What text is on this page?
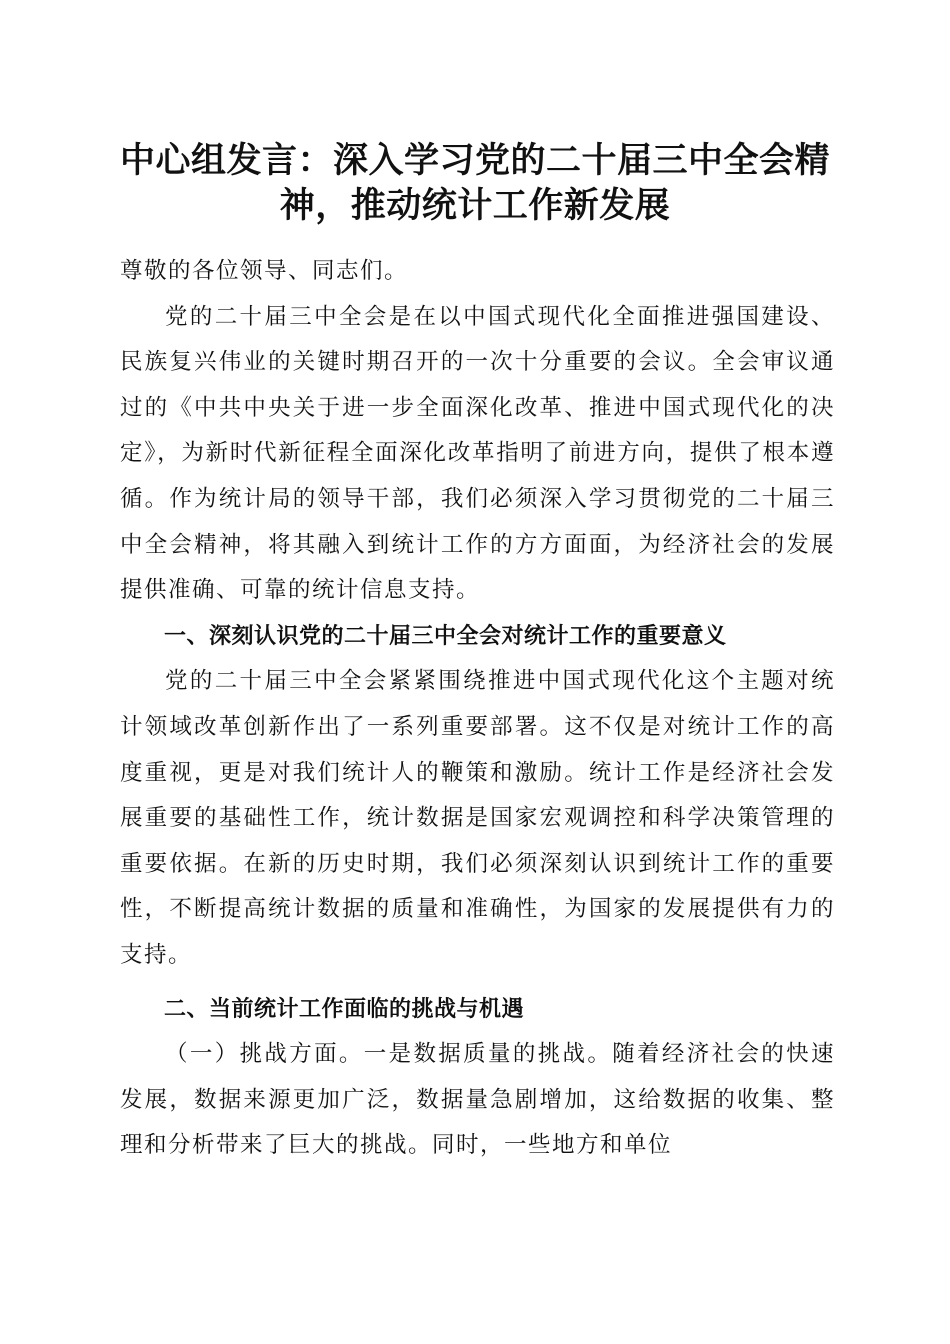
中心组发言：深入学习党的二十届三中全会精
神，推动统计工作新发展

尊敬的各位领导、同志们。

党的二十届三中全会是在以中国式现代化全面推进强国建设、民族复兴伟业的关键时期召开的一次十分重要的会议。全会审议通过的《中共中央关于进一步全面深化改革、推进中国式现代化的决定》，为新时代新征程全面深化改革指明了前进方向，提供了根本遵循。作为统计局的领导干部，我们必须深入学习贯彻党的二十届三中全会精神，将其融入到统计工作的方方面面，为经济社会的发展提供准确、可靠的统计信息支持。

一、深刻认识党的二十届三中全会对统计工作的重要意义

党的二十届三中全会紧紧围绕推进中国式现代化这个主题对统计领域改革创新作出了一系列重要部署。这不仅是对统计工作的高度重视，更是对我们统计人的鞭策和激励。统计工作是经济社会发展重要的基础性工作，统计数据是国家宏观调控和科学决策管理的重要依据。在新的历史时期，我们必须深刻认识到统计工作的重要性，不断提高统计数据的质量和准确性，为国家的发展提供有力的支持。

二、当前统计工作面临的挑战与机遇

（一）挑战方面。一是数据质量的挑战。随着经济社会的快速发展，数据来源更加广泛，数据量急剧增加，这给数据的收集、整理和分析带来了巨大的挑战。同时，一些地方和单位
